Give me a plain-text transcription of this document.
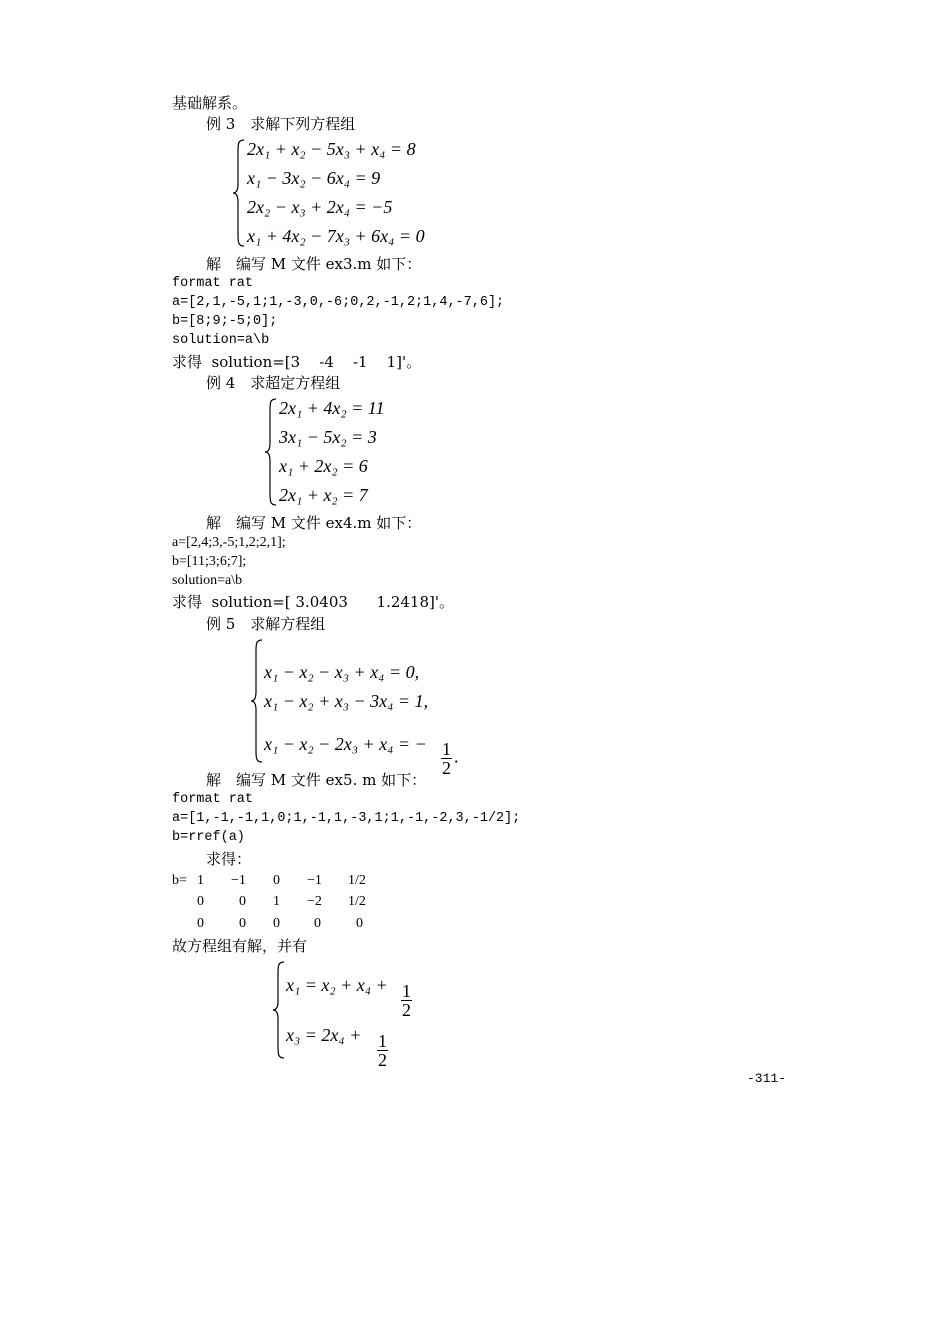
基础解系。
例 3　求解下列方程组
2x₁ + x₂ − 5x₃ + x₄ = 8
x₁ − 3x₂ − 6x₄ = 9
2x₂ − x₃ + 2x₄ = −5
x₁ + 4x₂ − 7x₃ + 6x₄ = 0
解　编写 M 文件 ex3.m 如下：
format rat
a=[2,1,-5,1;1,-3,0,-6;0,2,-1,2;1,4,-7,6];
b=[8;9;-5;0];
solution=a\b
求得  solution=[3    -4    -1    1]'。
例 4　求超定方程组
2x₁ + 4x₂ = 11
3x₁ − 5x₂ = 3
x₁ + 2x₂ = 6
2x₁ + x₂ = 7
解　编写 M 文件 ex4.m 如下：
a=[2,4;3,-5;1,2;2,1];
b=[11;3;6;7];
solution=a\b
求得  solution=[ 3.0403      1.2418]'。
例 5　求解方程组
x₁ − x₂ − x₃ + x₄ = 0,
x₁ − x₂ + x₃ − 3x₄ = 1,
x₁ − x₂ − 2x₃ + x₄ = −

$\frac{1}{2}$ .

解　编写 M 文件 ex5. m 如下：
format rat
a=[1,-1,-1,1,0;1,-1,1,-3,1;1,-1,-2,3,-1/2];
b=rref(a)
求得：
b= 1 −1 0 −1 1/2
0	0 1 −2 1/2
0	0 0 0	0
故方程组有解，并有
x₁ = x₂ + x₄ +

$\frac{1}{2}$

x₃ = 2x₄ +

$\frac{1}{2}$

-311-
